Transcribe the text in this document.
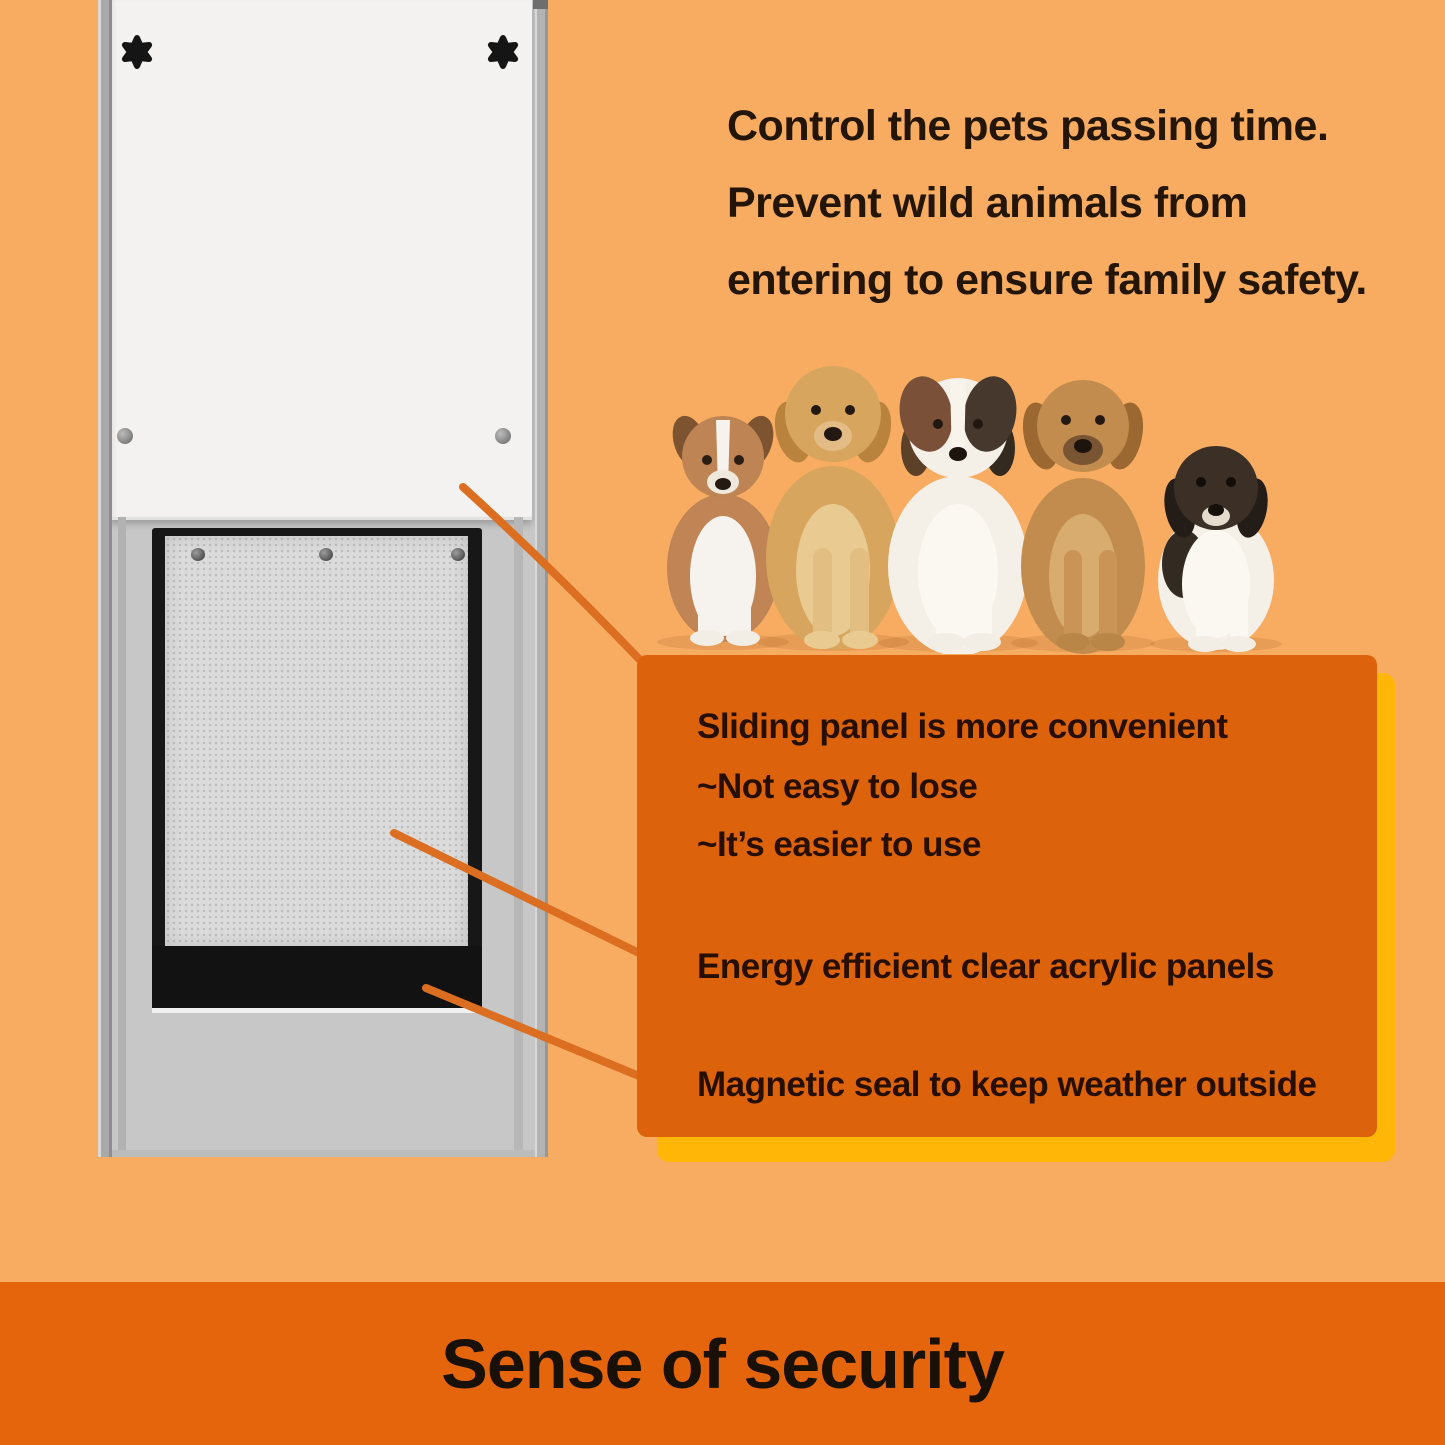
Control the pets passing time.
Prevent wild animals from
entering to ensure family safety.
Sliding panel is more convenient
~Not easy to lose
~It’s easier to use
Energy efficient clear acrylic panels
Magnetic seal to keep weather outside
Sense of security
